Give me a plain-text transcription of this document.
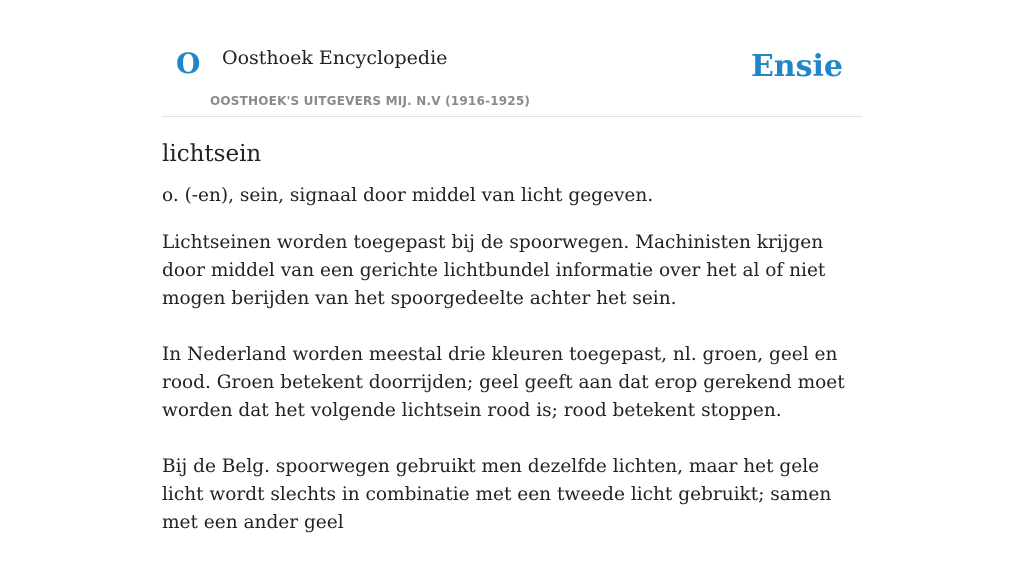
O Oosthoek Encyclopedie
OOSTHOEK'S UITGEVERS MIJ. N.V (1916-1925)
Ensie
lichtsein

o. (-en), sein, signaal door middel van licht gegeven.

Lichtseinen worden toegepast bij de spoorwegen. Machinisten krijgen door middel van een gerichte lichtbundel informatie over het al of niet mogen berijden van het spoorgedeelte achter het sein.

In Nederland worden meestal drie kleuren toegepast, nl. groen, geel en rood. Groen betekent doorrijden; geel geeft aan dat erop gerekend moet worden dat het volgende lichtsein rood is; rood betekent stoppen.

Bij de Belg. spoorwegen gebruikt men dezelfde lichten, maar het gele licht wordt slechts in combinatie met een tweede licht gebruikt; samen met een ander geel
